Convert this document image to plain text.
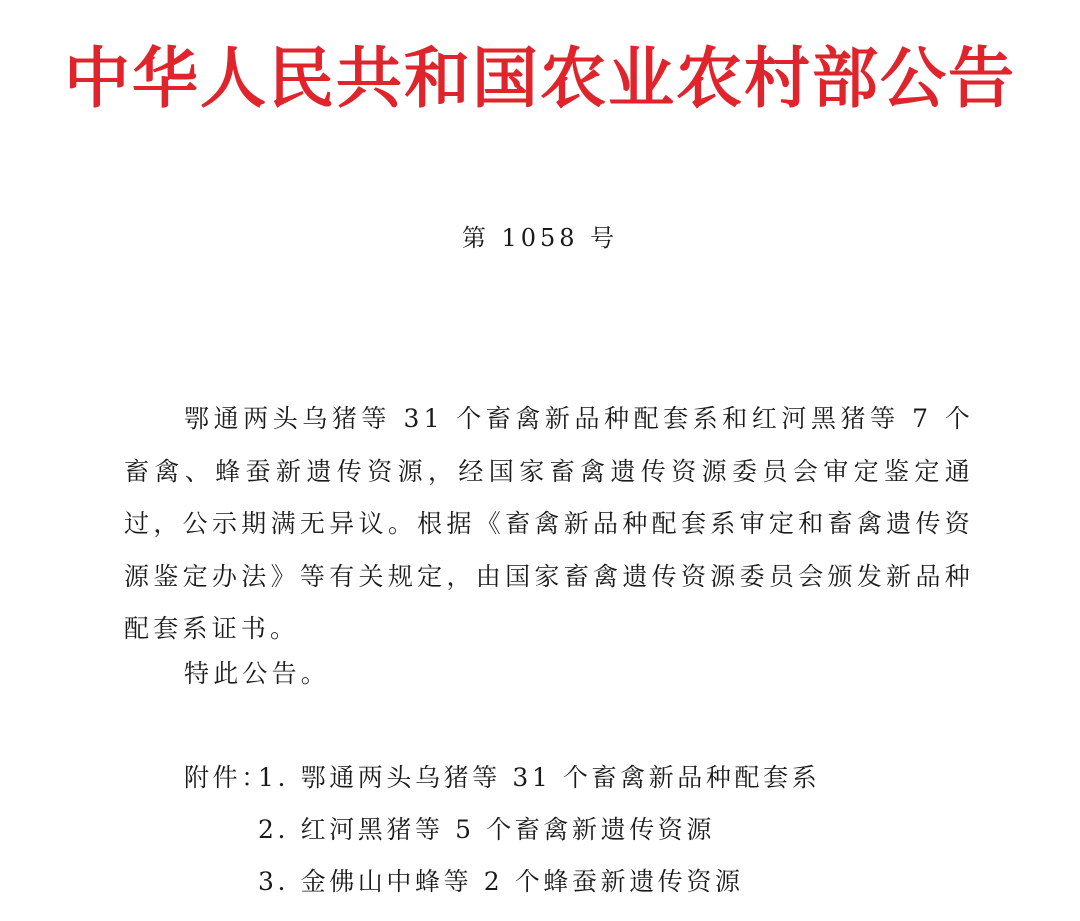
中华人民共和国农业农村部公告
第 1058 号

鄂通两头乌猪等 31 个畜禽新品种配套系和红河黑猪等 7 个畜禽、蜂蚕新遗传资源，经国家畜禽遗传资源委员会审定鉴定通过，公示期满无异议。根据《畜禽新品种配套系审定和畜禽遗传资源鉴定办法》等有关规定，由国家畜禽遗传资源委员会颁发新品种配套系证书。

特此公告。

附件：1. 鄂通两头乌猪等 31 个畜禽新品种配套系
2. 红河黑猪等 5 个畜禽新遗传资源
3. 金佛山中蜂等 2 个蜂蚕新遗传资源
